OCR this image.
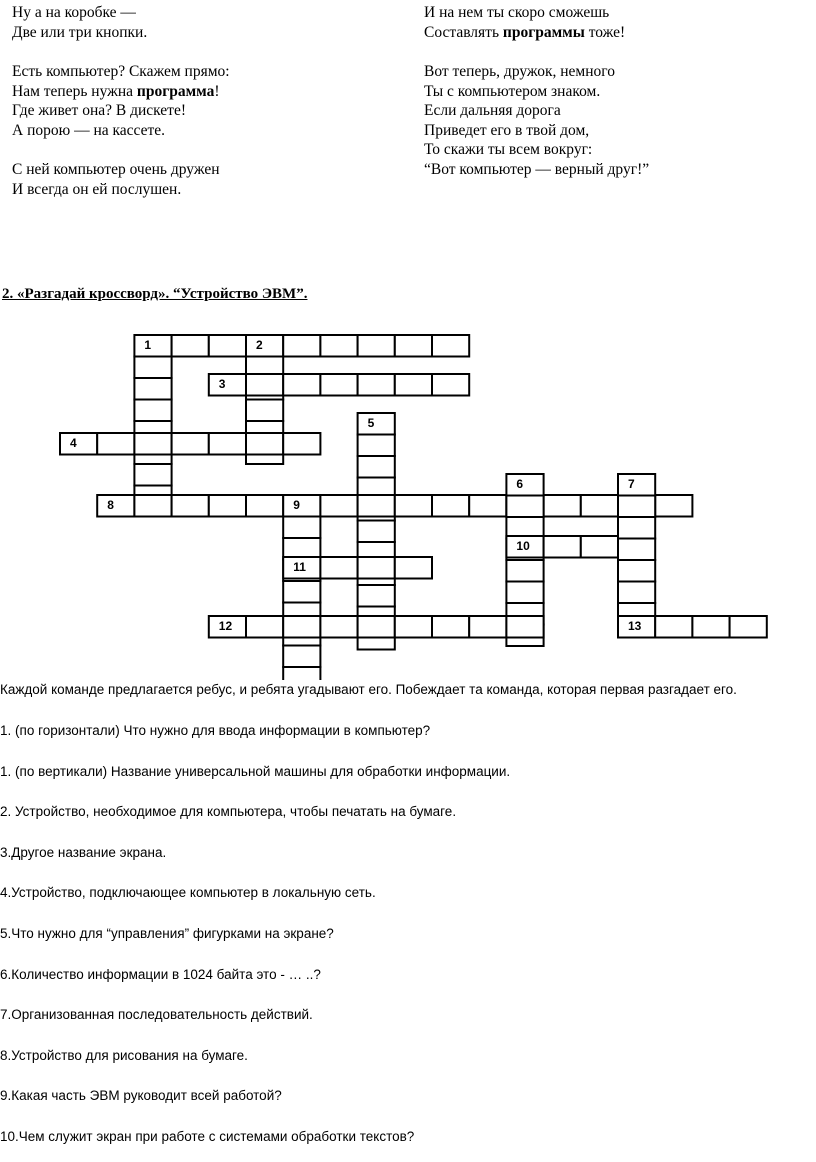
Ну а на коробке —
Две или три кнопки.
Есть компьютер? Скажем прямо:
Нам теперь нужна программа!
Где живет она? В дискете!
А порою — на кассете.
С ней компьютер очень дружен
И всегда он ей послушен.
И на нем ты скоро сможешь
Составлять программы тоже!
Вот теперь, дружок, немного
Ты с компьютером знаком.
Если дальняя дорога
Приведет его в твой дом,
То скажи ты всем вокруг:
“Вот компьютер — верный друг!”
2. «Разгадай кроссворд». “Устройство ЭВМ”.
1	2
3
4
5
6	7
8	9
10
11
12	13
Каждой команде предлагается ребус, и ребята угадывают его. Побеждает та команда, которая первая разгадает его.
1. (по горизонтали) Что нужно для ввода информации в компьютер?
1. (по вертикали) Название универсальной машины для обработки информации.
2. Устройство, необходимое для компьютера, чтобы печатать на бумаге.
3.Другое название экрана.
4.Устройство, подключающее компьютер в локальную сеть.
5.Что нужно для “управления” фигурками на экране?
6.Количество информации в 1024 байта это - … ..?
7.Организованная последовательность действий.
8.Устройство для рисования на бумаге.
9.Какая часть ЭВМ руководит всей работой?
10.Чем служит экран при работе с системами обработки текстов?
